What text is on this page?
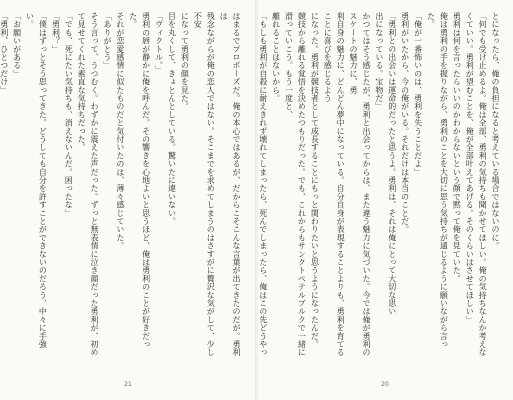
はまるでプロポーズだ。俺の本心ではあるが、だからこそこんな言葉が出てきたのだが。勇利は
残念ながらが俺の恋人ではない。そこまでを求めてしまうのはさすがに贅沢な気がして、少し不安
になって勇利の顔を見た。
目を丸くして、きょとんとしている。驚いたに違いない。
「ヴィクトル。」
勇利の唇が静かに俺を呼んだ。その響きを心地よいと思うほど、俺は勇利のことが好きだった。
それが恋愛感情に似たものだと気付いたのは、薄々感じていた。
「ありがとう」
そう言って、うつむく。わずかに震えた声だった。ずっと無表情に泣き顔だった勇利が、初め
て見せてくれた素直な気持ちだった。
「でも、死にたい気持ちも、消えないんだ。困ったな」
「勇利？」
「僕はずっとそう思ってきた。どうしても自分を許すことができないのだろう、中々に手強い。
「お願いがある」
「勇利、ひとつだけ」

21
とになったら、俺の負担になると考えている場合ではないのに。
「何でも受け止めるよ。俺は全部、勇利の気持ちも聞かせてほしい。俺の気持ちなんか考えな
くていい。勇利が望むことを、俺が全部叶えてあげる。そのくらいはさせてほしい」
勇利は何を言ったらいいのかわからないという顔で黙って俺を見ていた。
俺は勇利の手を握りながら、勇利のことを大切に思う気持ちが通じるように願いながら言った。
「俺が一番怖いのは、勇利を失うことだよ」
勇利がいたから、今の俺がいる。それだけは本当のことだ。
「勇利との出会いは運命的だったと思うよ。勇利は、それは俺にとって大切な思い
出になっている。宝物だ」
かつてはそう感じたが、勇利と出会ってからは、また違う魅力に気づいた。今では俺が勇利のスケートの魅力に、勇
利自身の魅力に、どんどん夢中になっている。自分自身が表現することよりも、勇利を育てることに喜びを感じるよう
になった。勇利が競技者として成長することにもっと関わりたいと思うようになったんだ。
競技から離れる覚悟を決めたつもりだった。でも、これからもサンクトペテルブルクで一緒に滑っていこう。もう一度と、
離れることはないから。
「もしも勇利が自殺に耐えきれず壊れてしまったら、死んでしまったら、俺はこの先どうやっ

20
